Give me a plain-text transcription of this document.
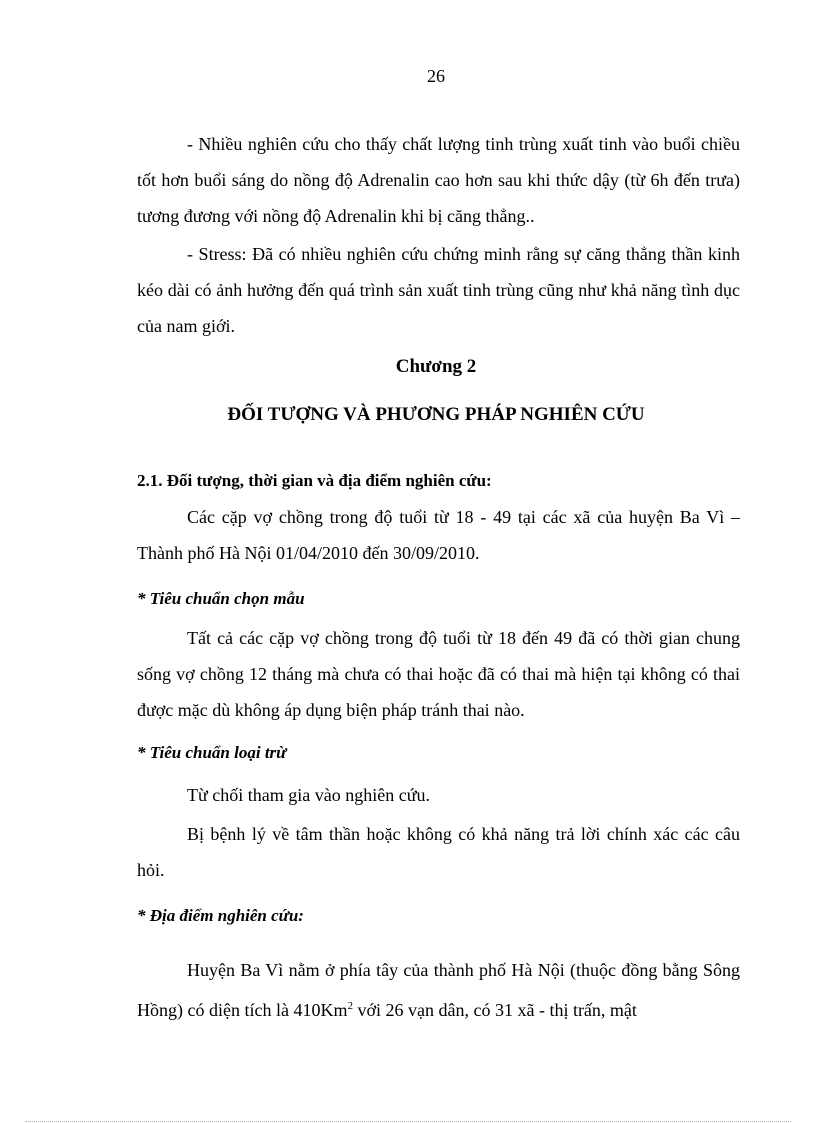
26

- Nhiều nghiên cứu cho thấy chất lượng tinh trùng xuất tinh vào buổi chiều tốt hơn buổi sáng do nồng độ Adrenalin cao hơn sau khi thức dậy (từ 6h đến trưa) tương đương với nồng độ Adrenalin khi bị căng thẳng..

- Stress: Đã có nhiều nghiên cứu chứng minh rằng sự căng thẳng thần kinh kéo dài có ảnh hưởng đến quá trình sản xuất tinh trùng cũng như khả năng tình dục của nam giới.

Chương 2
ĐỐI TƯỢNG VÀ PHƯƠNG PHÁP NGHIÊN CỨU
2.1. Đối tượng, thời gian và địa điểm nghiên cứu:

Các cặp vợ chồng trong độ tuổi từ 18 - 49 tại các xã của huyện Ba Vì – Thành phố Hà Nội 01/04/2010 đến 30/09/2010.

* Tiêu chuẩn chọn mẫu

Tất cả các cặp vợ chồng trong độ tuổi từ 18 đến 49 đã có thời gian chung sống vợ chồng 12 tháng mà chưa có thai hoặc đã có thai mà hiện tại không có thai được mặc dù không áp dụng biện pháp tránh thai nào.

* Tiêu chuẩn loại trừ
Từ chối tham gia vào nghiên cứu.

Bị bệnh lý về tâm thần hoặc không có khả năng trả lời chính xác các câu hỏi.

* Địa điểm nghiên cứu:

Huyện Ba Vì nằm ở phía tây của thành phố Hà Nội (thuộc đồng bằng Sông Hồng) có diện tích là 410Km$^2$ với 26 vạn dân, có 31 xã - thị trấn, mật
